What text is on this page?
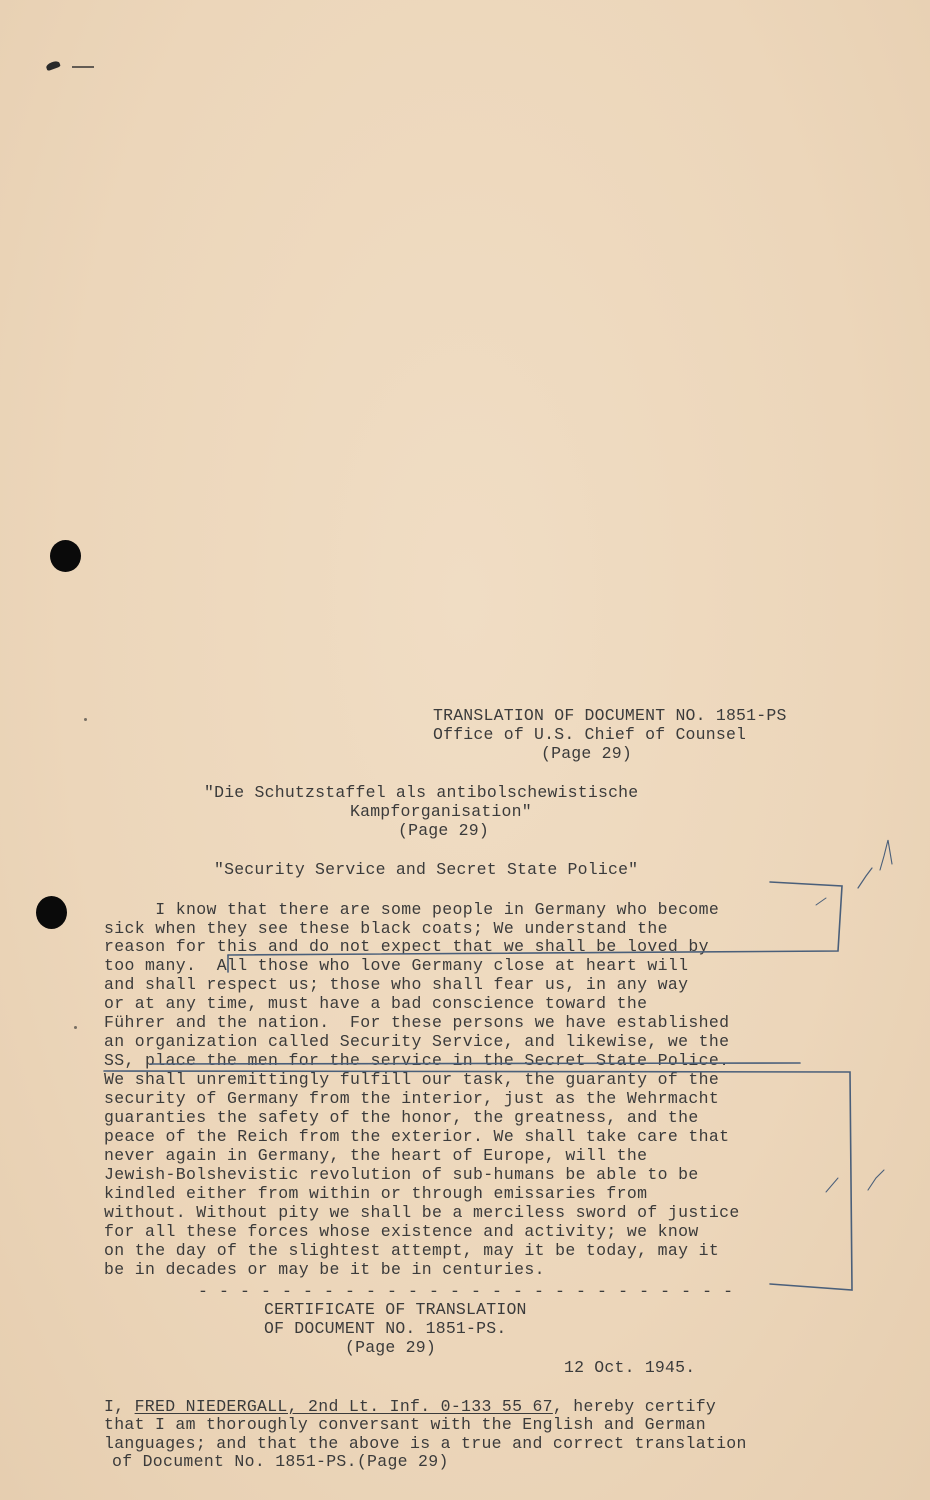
TRANSLATION OF DOCUMENT NO. 1851-PS
Office of U.S. Chief of Counsel
(Page 29)
"Die Schutzstaffel als antibolschewistische
Kampforganisation"
(Page 29)
"Security Service and Secret State Police"
I know that there are some people in Germany who become
sick when they see these black coats; We understand the
reason for this and do not expect that we shall be loved by
too many.  All those who love Germany close at heart will
and shall respect us; those who shall fear us, in any way
or at any time, must have a bad conscience toward the
Führer and the nation.  For these persons we have established
an organization called Security Service, and likewise, we the
SS, place the men for the service in the Secret State Police.
We shall unremittingly fulfill our task, the guaranty of the
security of Germany from the interior, just as the Wehrmacht
guaranties the safety of the honor, the greatness, and the
peace of the Reich from the exterior. We shall take care that
never again in Germany, the heart of Europe, will the
Jewish-Bolshevistic revolution of sub-humans be able to be
kindled either from within or through emissaries from
without. Without pity we shall be a merciless sword of justice
for all these forces whose existence and activity; we know
on the day of the slightest attempt, may it be today, may it
be in decades or may be it be in centuries.
- - - - - - - - - - - - - - - - - - - - - - - - - -
CERTIFICATE OF TRANSLATION
OF DOCUMENT NO. 1851-PS.
(Page 29)
12 Oct. 1945.
I, FRED NIEDERGALL, 2nd Lt. Inf. 0-133 55 67, hereby certify
that I am thoroughly conversant with the English and German
languages; and that the above is a true and correct translation
of Document No. 1851-PS.(Page 29)
